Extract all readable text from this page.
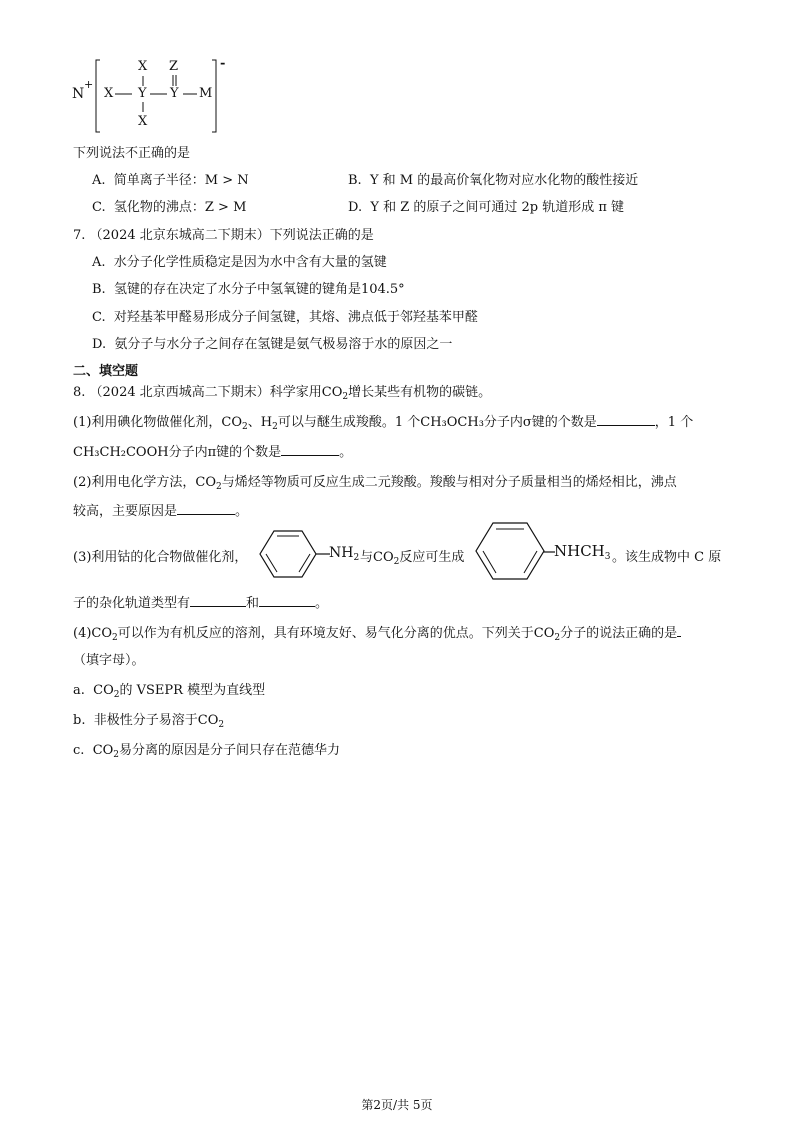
N
+
-
X Y Y M
X Z
X
下列说法不正确的是
A. 简单离子半径：M > N	B. Y 和 M 的最高价氧化物对应水化物的酸性接近
C. 氢化物的沸点：Z > M	D. Y 和 Z 的原子之间可通过 2p 轨道形成 π 键
7. （2024 北京东城高二下期末）下列说法正确的是
A. 水分子化学性质稳定是因为水中含有大量的氢键
B. 氢键的存在决定了水分子中氢氧键的键角是104.5°
C. 对羟基苯甲醛易形成分子间氢键，其熔、沸点低于邻羟基苯甲醛
D. 氨分子与水分子之间存在氢键是氨气极易溶于水的原因之一
二、填空题
8. （2024 北京西城高二下期末）科学家用$CO_2$增长某些有机物的碳链。
(1)利用碘化物做催化剂，$CO_2$、$H_2$可以与醚生成羧酸。1 个CH₃OCH₃分子内σ键的个数是	，1 个
CH₃CH₂COOH分子内π键的个数是	。
(2)利用电化学方法，$CO_2$与烯烃等物质可反应生成二元羧酸。羧酸与相对分子质量相当的烯烃相比，沸点
较高，主要原因是	。
(3)利用钴的化合物做催化剂，	$NH_2$ 与$CO_2$反应可生成	$NHCH_3$ 。该生成物中 C 原
子的杂化轨道类型有	和	。
$(4)CO_2$可以作为有机反应的溶剂，具有环境友好、易气化分离的优点。下列关于$CO_2$分子的说法正确的是
（填字母）。
a. $CO_2$的 VSEPR 模型为直线型
b. 非极性分子易溶于$CO_2$
c. $CO_2$易分离的原因是分子间只存在范德华力
第2页/共 5页
